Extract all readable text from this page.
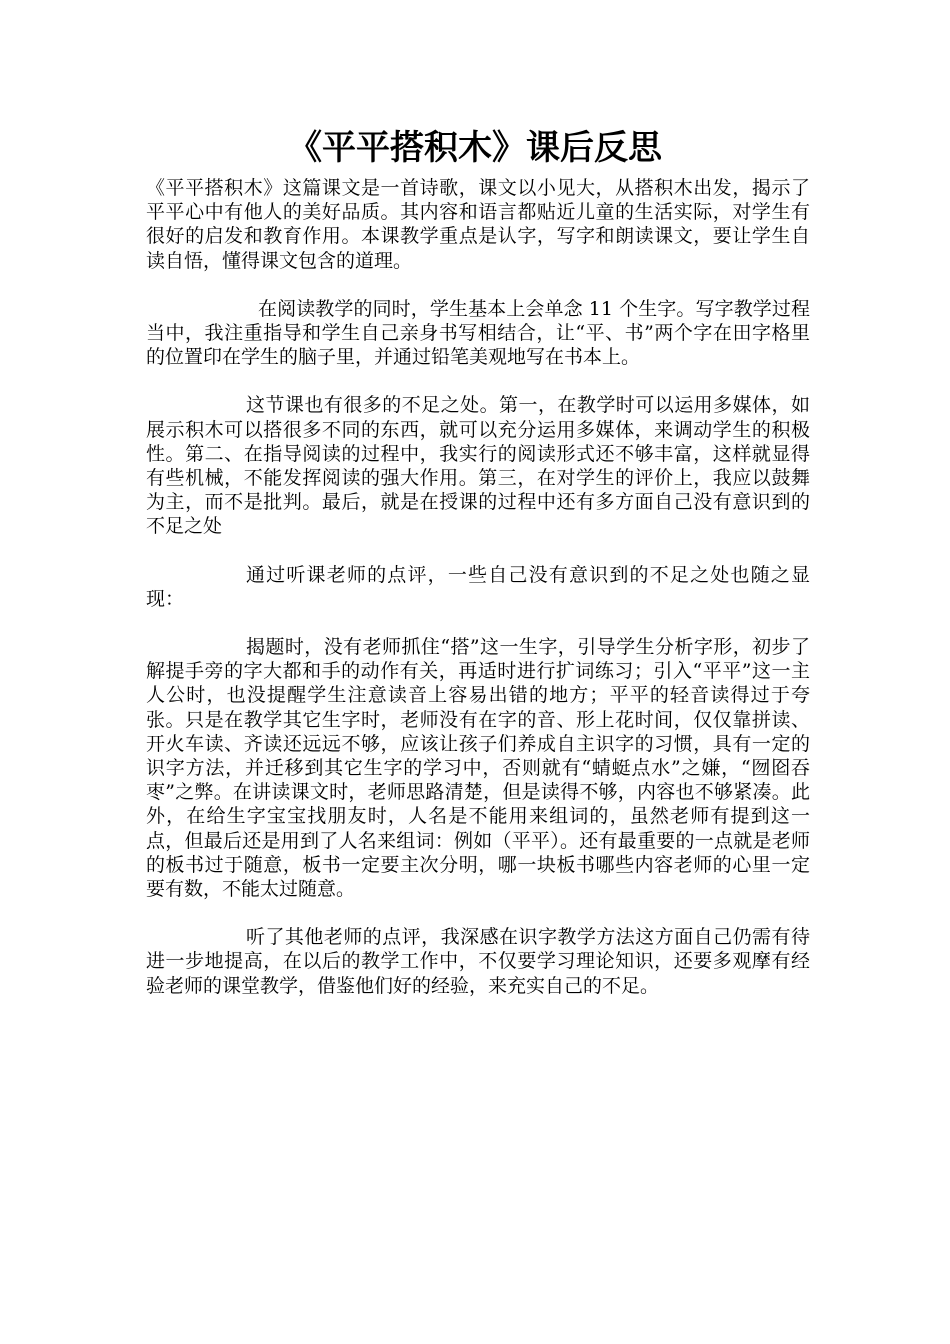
《平平搭积木》课后反思

《平平搭积木》这篇课文是一首诗歌，课文以小见大，从搭积木出发，揭示了平平心中有他人的美好品质。其内容和语言都贴近儿童的生活实际，对学生有很好的启发和教育作用。本课教学重点是认字，写字和朗读课文，要让学生自读自悟，懂得课文包含的道理。

在阅读教学的同时，学生基本上会单念 11 个生字。写字教学过程当中，我注重指导和学生自己亲身书写相结合，让“平、书”两个字在田字格里的位置印在学生的脑子里，并通过铅笔美观地写在书本上。

这节课也有很多的不足之处。第一，在教学时可以运用多媒体，如展示积木可以搭很多不同的东西，就可以充分运用多媒体，来调动学生的积极性。第二、在指导阅读的过程中，我实行的阅读形式还不够丰富，这样就显得有些机械，不能发挥阅读的强大作用。第三，在对学生的评价上，我应以鼓舞为主，而不是批判。最后，就是在授课的过程中还有多方面自己没有意识到的不足之处

通过听课老师的点评，一些自己没有意识到的不足之处也随之显现：

揭题时，没有老师抓住“搭”这一生字，引导学生分析字形，初步了解提手旁的字大都和手的动作有关，再适时进行扩词练习；引入“平平”这一主人公时，也没提醒学生注意读音上容易出错的地方；平平的轻音读得过于夸张。只是在教学其它生字时，老师没有在字的音、形上花时间，仅仅靠拼读、开火车读、齐读还远远不够，应该让孩子们养成自主识字的习惯，具有一定的识字方法，并迁移到其它生字的学习中，否则就有“蜻蜓点水”之嫌，“囫囵吞枣”之弊。在讲读课文时，老师思路清楚，但是读得不够，内容也不够紧凑。此外，在给生字宝宝找朋友时，人名是不能用来组词的，虽然老师有提到这一点，但最后还是用到了人名来组词：例如（平平）。还有最重要的一点就是老师的板书过于随意，板书一定要主次分明，哪一块板书哪些内容老师的心里一定要有数，不能太过随意。

听了其他老师的点评，我深感在识字教学方法这方面自己仍需有待进一步地提高，在以后的教学工作中，不仅要学习理论知识，还要多观摩有经验老师的课堂教学，借鉴他们好的经验，来充实自己的不足。
